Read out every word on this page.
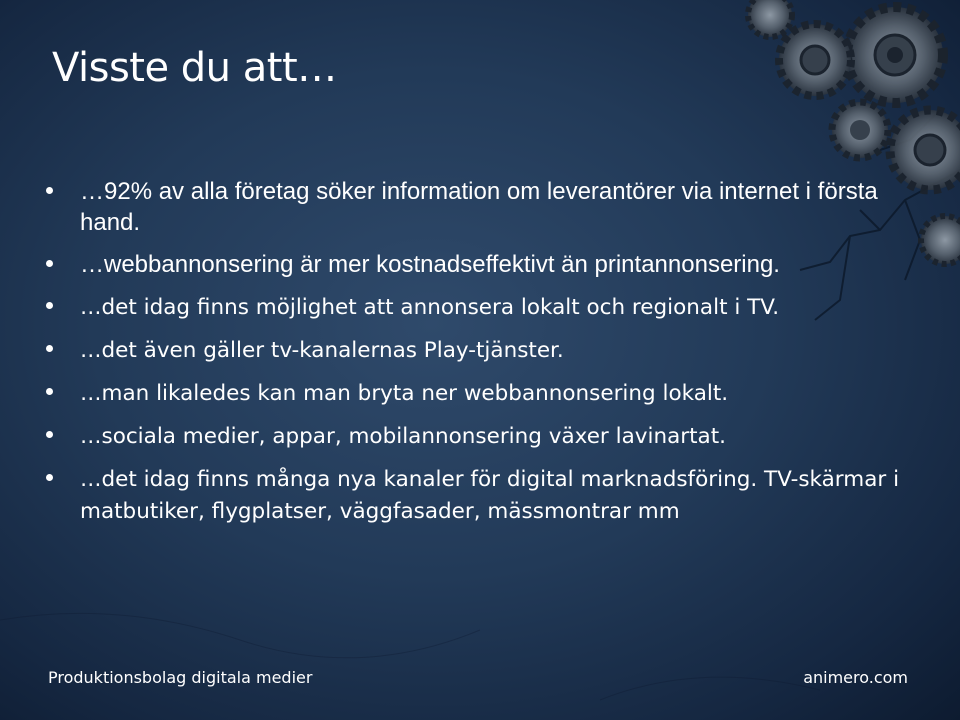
Visste du att…
…92% av alla företag söker information om leverantörer via internet i första hand.
…webbannonsering är mer kostnadseffektivt än printannonsering.
…det idag finns möjlighet att annonsera lokalt och regionalt i TV.
…det även gäller tv-kanalernas Play-tjänster.
…man likaledes kan man bryta ner webbannonsering lokalt.
…sociala medier, appar, mobilannonsering växer lavinartat.
…det idag finns många nya kanaler för digital marknadsföring. TV-skärmar i matbutiker, flygplatser, väggfasader, mässmontrar mm
Produktionsbolag digitala medier	animero.com
